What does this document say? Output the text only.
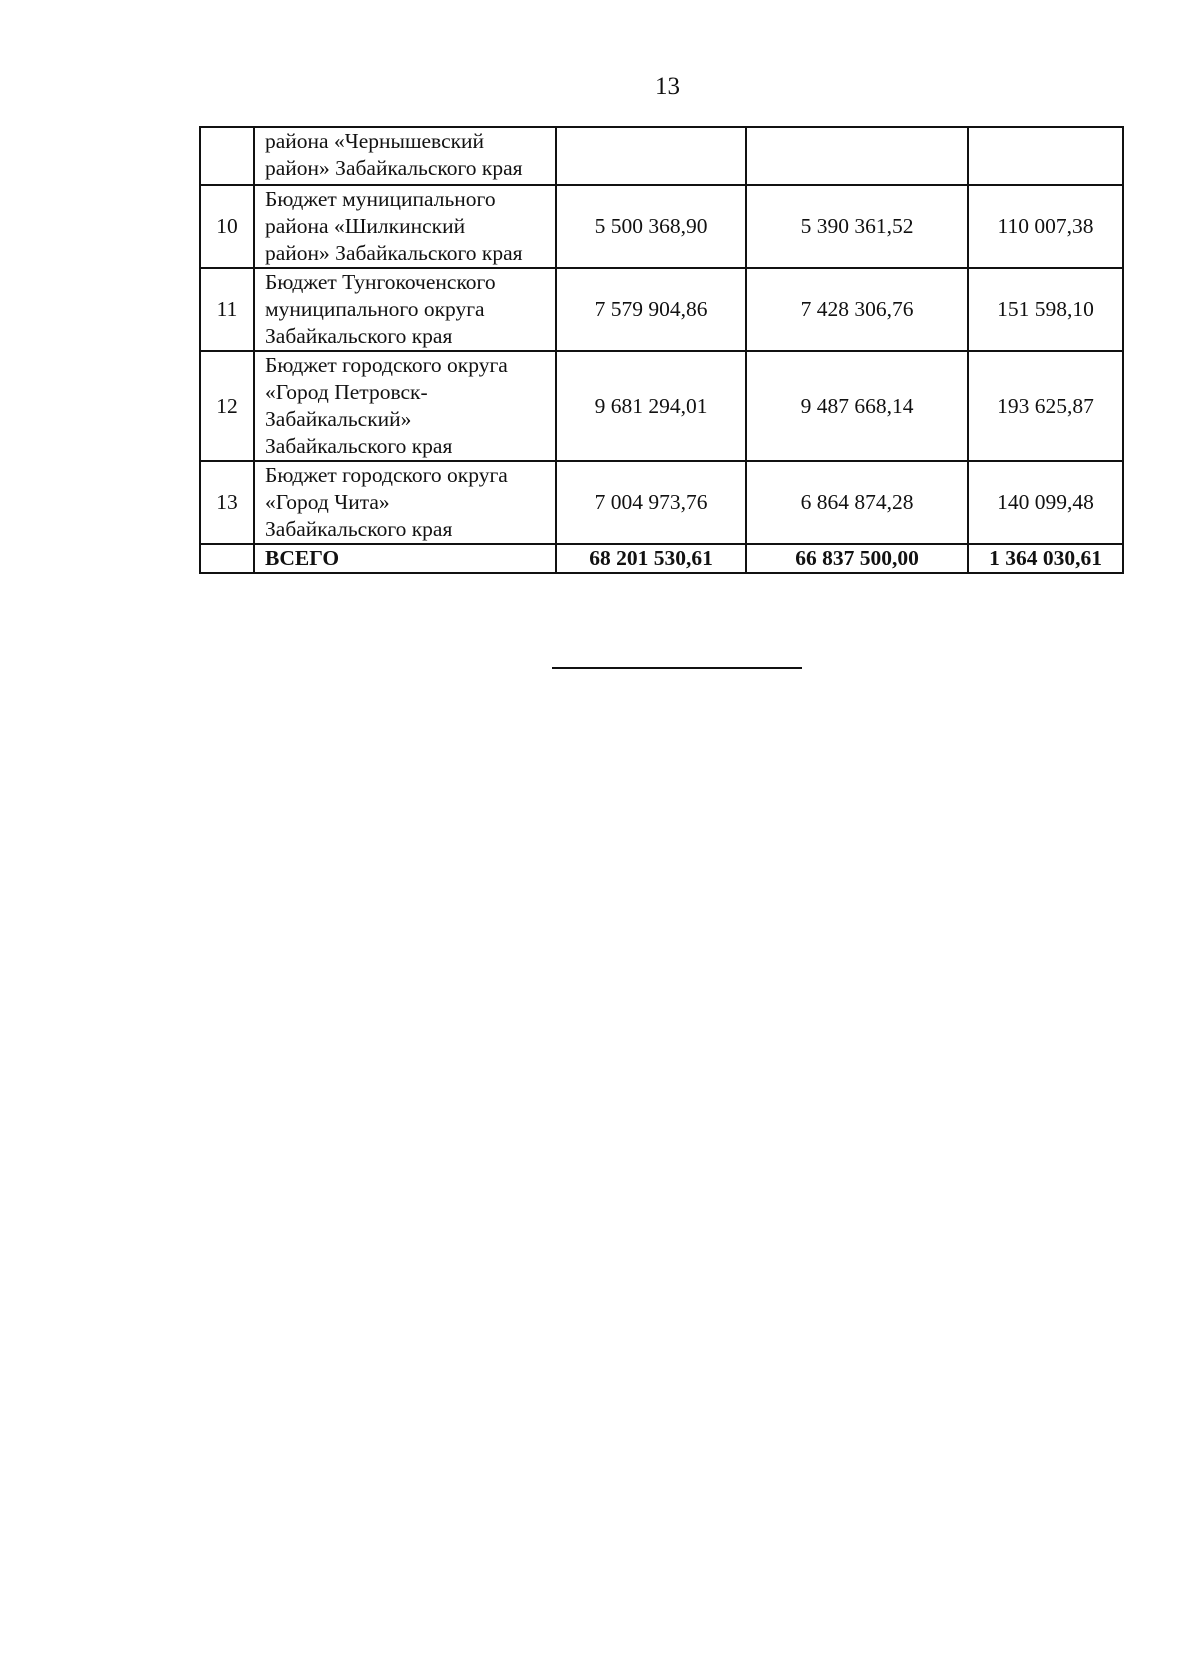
13

	района «Чернышевский
район» Забайкальского края			

10	Бюджет муниципального
района «Шилкинский
район» Забайкальского края	5 500 368,90	5 390 361,52	110 007,38
11	Бюджет Тунгокоченского
муниципального округа
Забайкальского края	7 579 904,86	7 428 306,76	151 598,10
12	Бюджет городского округа
«Город Петровск-
Забайкальский»
Забайкальского края	9 681 294,01	9 487 668,14	193 625,87
13	Бюджет городского округа
«Город Чита»
Забайкальского края	7 004 973,76	6 864 874,28	140 099,48
	ВСЕГО	68 201 530,61	66 837 500,00	1 364 030,61
